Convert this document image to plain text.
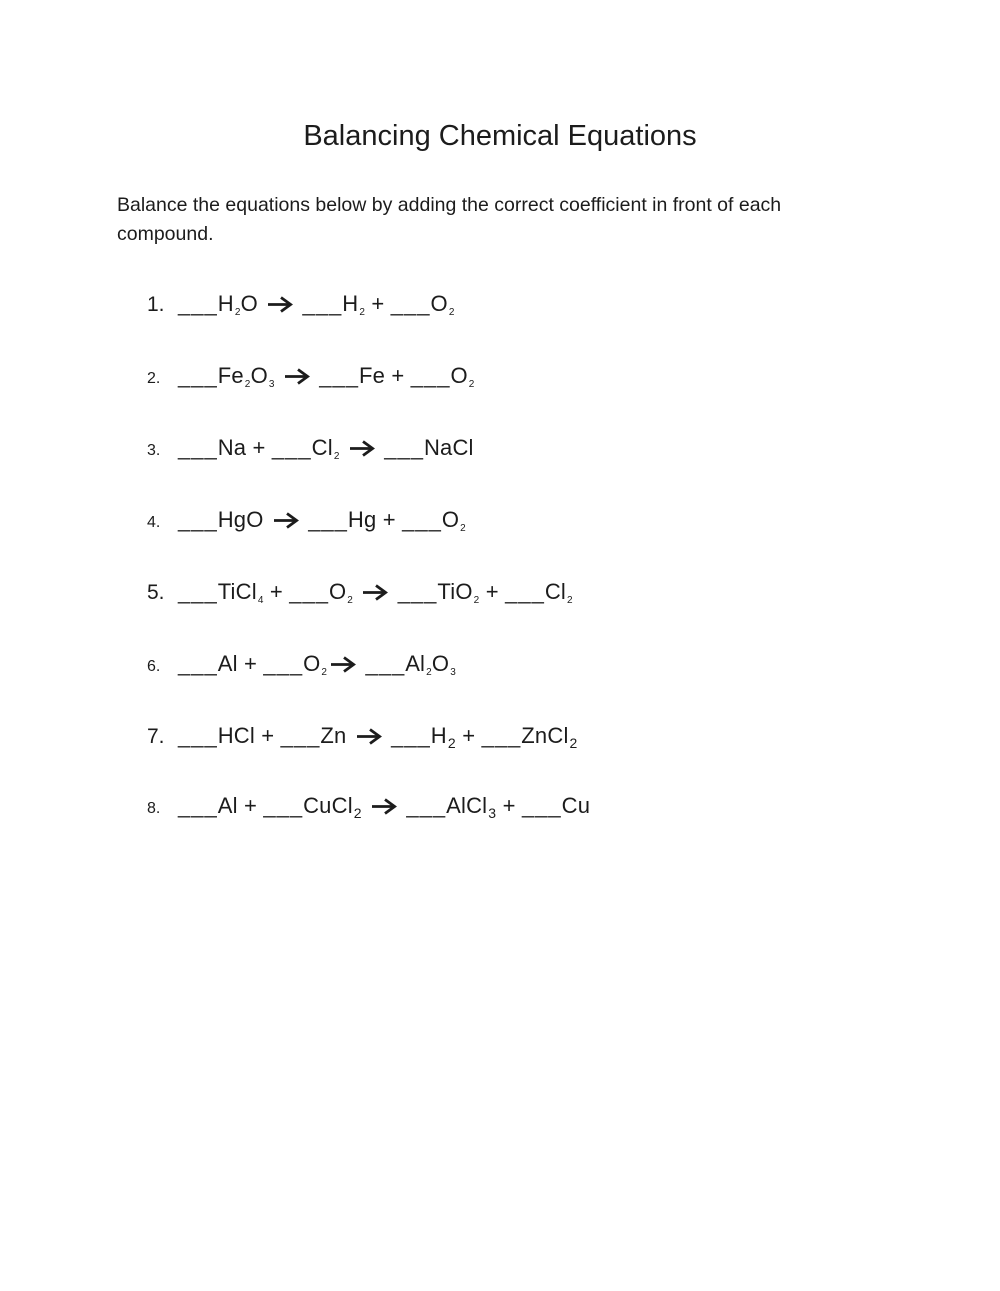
Balancing Chemical Equations

Balance the equations below by adding the correct coefficient in front of each compound.

1. ___H2O  ___H2 + ___O2
2. ___Fe2O3 ___Fe + ___O2
3. ___Na + ___Cl2 ___NaCl
4. ___HgO  ___Hg + ___O2
5. ___TiCl4 + ___O2 ___TiO2 + ___Cl2
6. ___Al + ___O2 ___Al2O3
7. ___HCl + ___Zn  ___H2 + ___ZnCl2
8. ___Al + ___CuCl2 ___AlCl3 + ___Cu
